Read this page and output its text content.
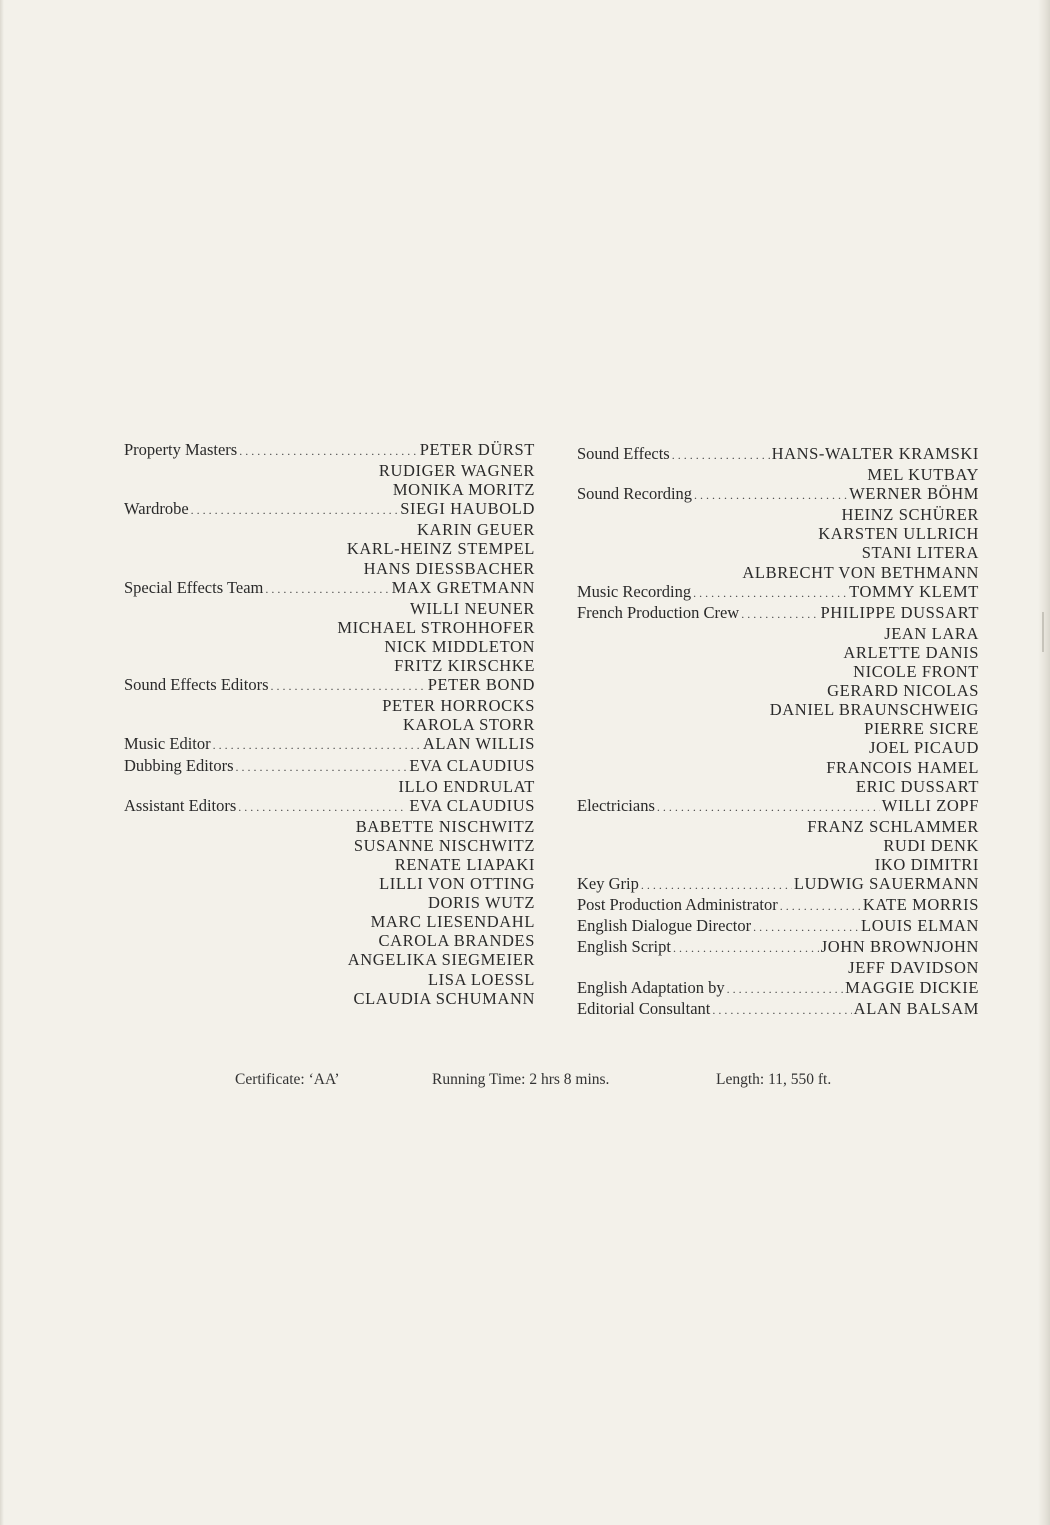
Property Masters . . .	PETER DÜRST
RUDIGER WAGNER
MONIKA MORITZ
Wardrobe . . .	SIEGI HAUBOLD
KARIN GEUER
KARL-HEINZ STEMPEL
HANS DIESSBACHER
Special Effects Team . . .	MAX GRETMANN
WILLI NEUNER
MICHAEL STROHHOFER
NICK MIDDLETON
FRITZ KIRSCHKE
Sound Effects Editors . . .	PETER BOND
PETER HORROCKS
KAROLA STORR
Music Editor . . .	ALAN WILLIS
Dubbing Editors . . .	EVA CLAUDIUS
ILLO ENDRULAT
Assistant Editors . . .	EVA CLAUDIUS
BABETTE NISCHWITZ
SUSANNE NISCHWITZ
RENATE LIAPAKI
LILLI VON OTTING
DORIS WUTZ
MARC LIESENDAHL
CAROLA BRANDES
ANGELIKA SIEGMEIER
LISA LOESSL
CLAUDIA SCHUMANN
Sound Effects . . .	HANS-WALTER KRAMSKI
MEL KUTBAY
Sound Recording . . .	WERNER BÖHM
HEINZ SCHÜRER
KARSTEN ULLRICH
STANI LITERA
ALBRECHT VON BETHMANN
Music Recording . . .	TOMMY KLEMT
French Production Crew . . .	PHILIPPE DUSSART
JEAN LARA
ARLETTE DANIS
NICOLE FRONT
GERARD NICOLAS
DANIEL BRAUNSCHWEIG
PIERRE SICRE
JOEL PICAUD
FRANCOIS HAMEL
ERIC DUSSART
Electricians . . .	WILLI ZOPF
FRANZ SCHLAMMER
RUDI DENK
IKO DIMITRI
Key Grip . . .	LUDWIG SAUERMANN
Post Production Administrator . . .	KATE MORRIS
English Dialogue Director . . .	LOUIS ELMAN
English Script . . .	JOHN BROWNJOHN
JEFF DAVIDSON
English Adaptation by . . .	MAGGIE DICKIE
Editorial Consultant . . .	ALAN BALSAM
Certificate: ‘AA’	Running Time: 2 hrs 8 mins.	Length: 11, 550 ft.
